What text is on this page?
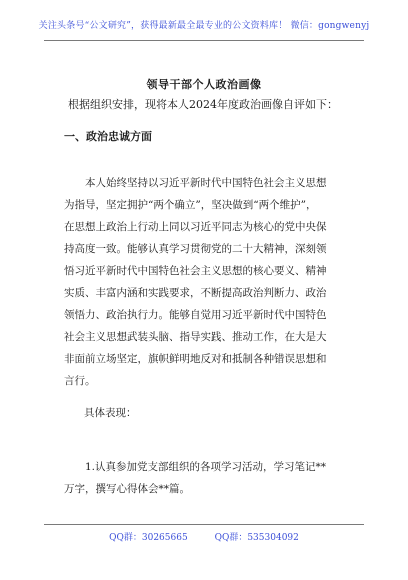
关注头条号“公文研究”，获得最新最全最专业的公文资料库！ 微信：gongwenyj
领导干部个人政治画像
根据组织安排，现将本人2024年度政治画像自评如下：
一、政治忠诚方面
本人始终坚持以习近平新时代中国特色社会主义思想
为指导，坚定拥护“两个确立”，坚决做到“两个维护”，
在思想上政治上行动上同以习近平同志为核心的党中央保
持高度一致。能够认真学习贯彻党的二十大精神，深刻领
悟习近平新时代中国特色社会主义思想的核心要义、精神
实质、丰富内涵和实践要求，不断提高政治判断力、政治
领悟力、政治执行力。能够自觉用习近平新时代中国特色
社会主义思想武装头脑、指导实践、推动工作，在大是大
非面前立场坚定，旗帜鲜明地反对和抵制各种错误思想和
言行。
具体表现：
1.认真参加党支部组织的各项学习活动，学习笔记**
万字，撰写心得体会**篇。
QQ群：30265665	QQ群：535304092
